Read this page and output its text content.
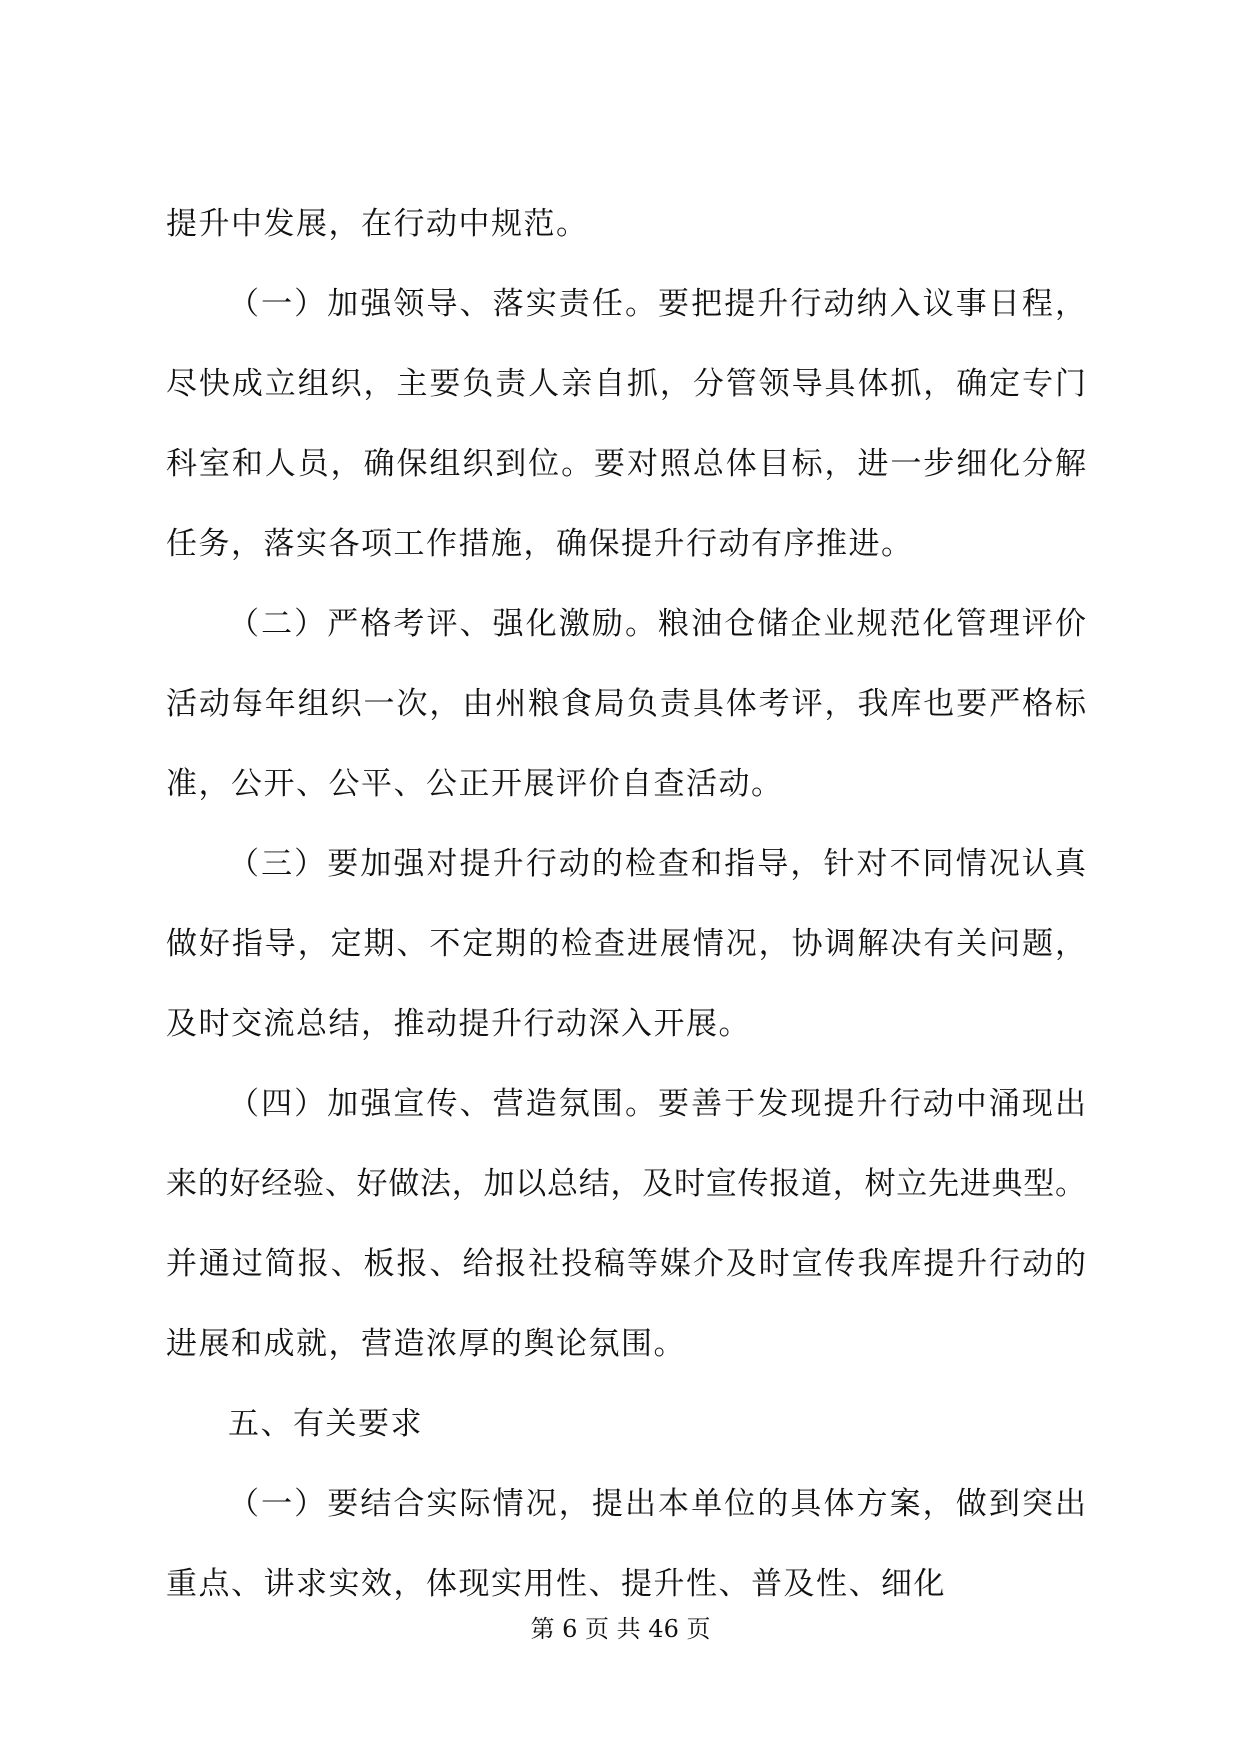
提升中发展，在行动中规范。
（一）加强领导、落实责任。要把提升行动纳入议事日程，
尽快成立组织，主要负责人亲自抓，分管领导具体抓，确定专门
科室和人员，确保组织到位。要对照总体目标，进一步细化分解
任务，落实各项工作措施，确保提升行动有序推进。
（二）严格考评、强化激励。粮油仓储企业规范化管理评价
活动每年组织一次，由州粮食局负责具体考评，我库也要严格标
准，公开、公平、公正开展评价自查活动。
（三）要加强对提升行动的检查和指导，针对不同情况认真
做好指导，定期、不定期的检查进展情况，协调解决有关问题，
及时交流总结，推动提升行动深入开展。
（四）加强宣传、营造氛围。要善于发现提升行动中涌现出
来的好经验、好做法，加以总结，及时宣传报道，树立先进典型。
并通过简报、板报、给报社投稿等媒介及时宣传我库提升行动的
进展和成就，营造浓厚的舆论氛围。
五、有关要求
（一）要结合实际情况，提出本单位的具体方案，做到突出
重点、讲求实效，体现实用性、提升性、普及性、细化
第 6 页 共 46 页
